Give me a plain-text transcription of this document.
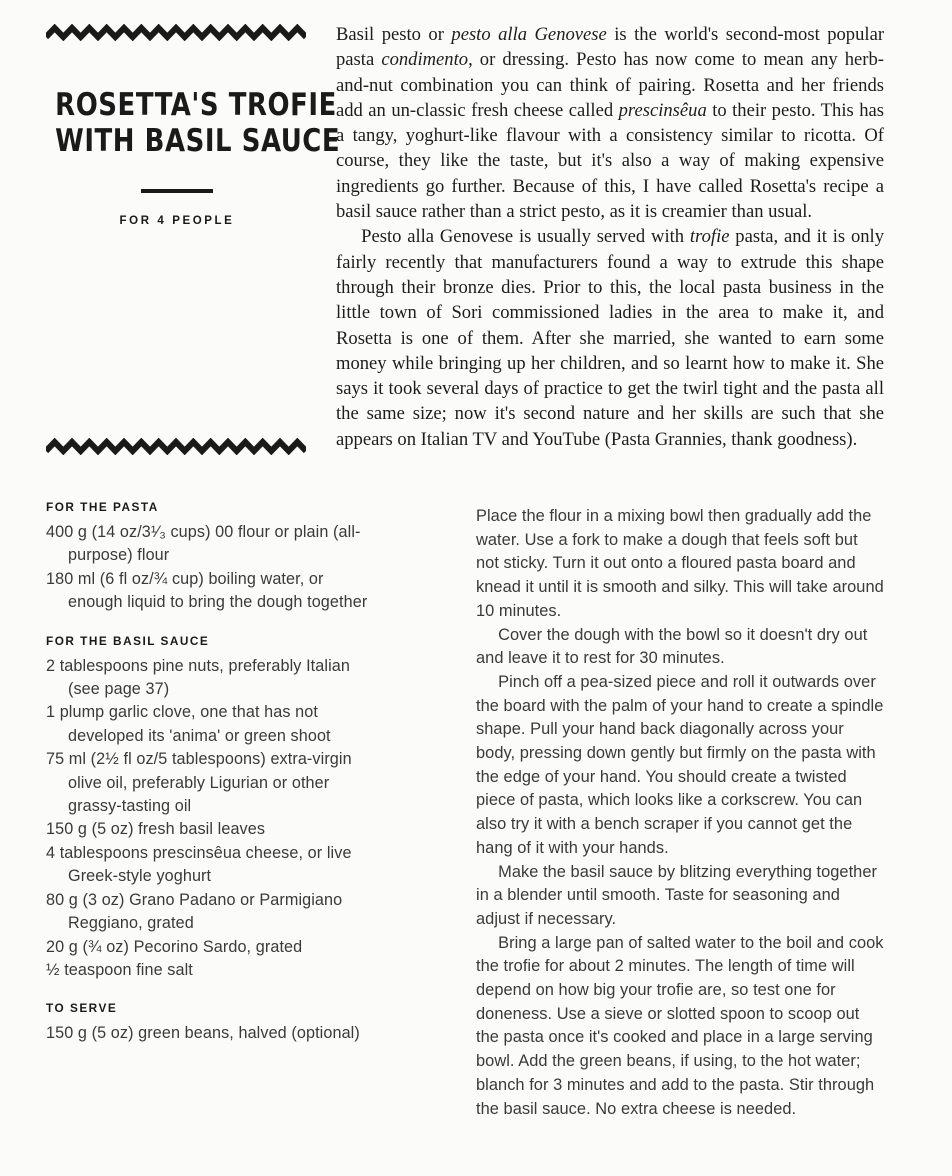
ROSETTA'S TROFIE
WITH BASIL SAUCE
FOR 4 PEOPLE

Basil pesto or pesto alla Genovese is the world's second-most popular pasta condimento, or dressing. Pesto has now come to mean any herb-and-nut combination you can think of pairing. Rosetta and her friends add an un-classic fresh cheese called prescinsêua to their pesto. This has a tangy, yoghurt-like flavour with a consistency similar to ricotta. Of course, they like the taste, but it's also a way of making expensive ingredients go further. Because of this, I have called Rosetta's recipe a basil sauce rather than a strict pesto, as it is creamier than usual.

Pesto alla Genovese is usually served with trofie pasta, and it is only fairly recently that manufacturers found a way to extrude this shape through their bronze dies. Prior to this, the local pasta business in the little town of Sori commissioned ladies in the area to make it, and Rosetta is one of them. After she married, she wanted to earn some money while bringing up her children, and so learnt how to make it. She says it took several days of practice to get the twirl tight and the pasta all the same size; now it's second nature and her skills are such that she appears on Italian TV and YouTube (Pasta Grannies, thank goodness).

FOR THE PASTA

400 g (14 oz/3¹⁄₃ cups) 00 flour or plain (all-purpose) flour

180 ml (6 fl oz/¾ cup) boiling water, or enough liquid to bring the dough together

FOR THE BASIL SAUCE

2 tablespoons pine nuts, preferably Italian (see page 37)

1 plump garlic clove, one that has not developed its 'anima' or green shoot

75 ml (2½ fl oz/5 tablespoons) extra-virgin olive oil, preferably Ligurian or other grassy-tasting oil

150 g (5 oz) fresh basil leaves

4 tablespoons prescinsêua cheese, or live Greek-style yoghurt

80 g (3 oz) Grano Padano or Parmigiano Reggiano, grated

20 g (¾ oz) Pecorino Sardo, grated

½ teaspoon fine salt

TO SERVE

150 g (5 oz) green beans, halved (optional)

Place the flour in a mixing bowl then gradually add the water. Use a fork to make a dough that feels soft but not sticky. Turn it out onto a floured pasta board and knead it until it is smooth and silky. This will take around 10 minutes.

Cover the dough with the bowl so it doesn't dry out and leave it to rest for 30 minutes.

Pinch off a pea-sized piece and roll it outwards over the board with the palm of your hand to create a spindle shape. Pull your hand back diagonally across your body, pressing down gently but firmly on the pasta with the edge of your hand. You should create a twisted piece of pasta, which looks like a corkscrew. You can also try it with a bench scraper if you cannot get the hang of it with your hands.

Make the basil sauce by blitzing everything together in a blender until smooth. Taste for seasoning and adjust if necessary.

Bring a large pan of salted water to the boil and cook the trofie for about 2 minutes. The length of time will depend on how big your trofie are, so test one for doneness. Use a sieve or slotted spoon to scoop out the pasta once it's cooked and place in a large serving bowl. Add the green beans, if using, to the hot water; blanch for 3 minutes and add to the pasta. Stir through the basil sauce. No extra cheese is needed.
